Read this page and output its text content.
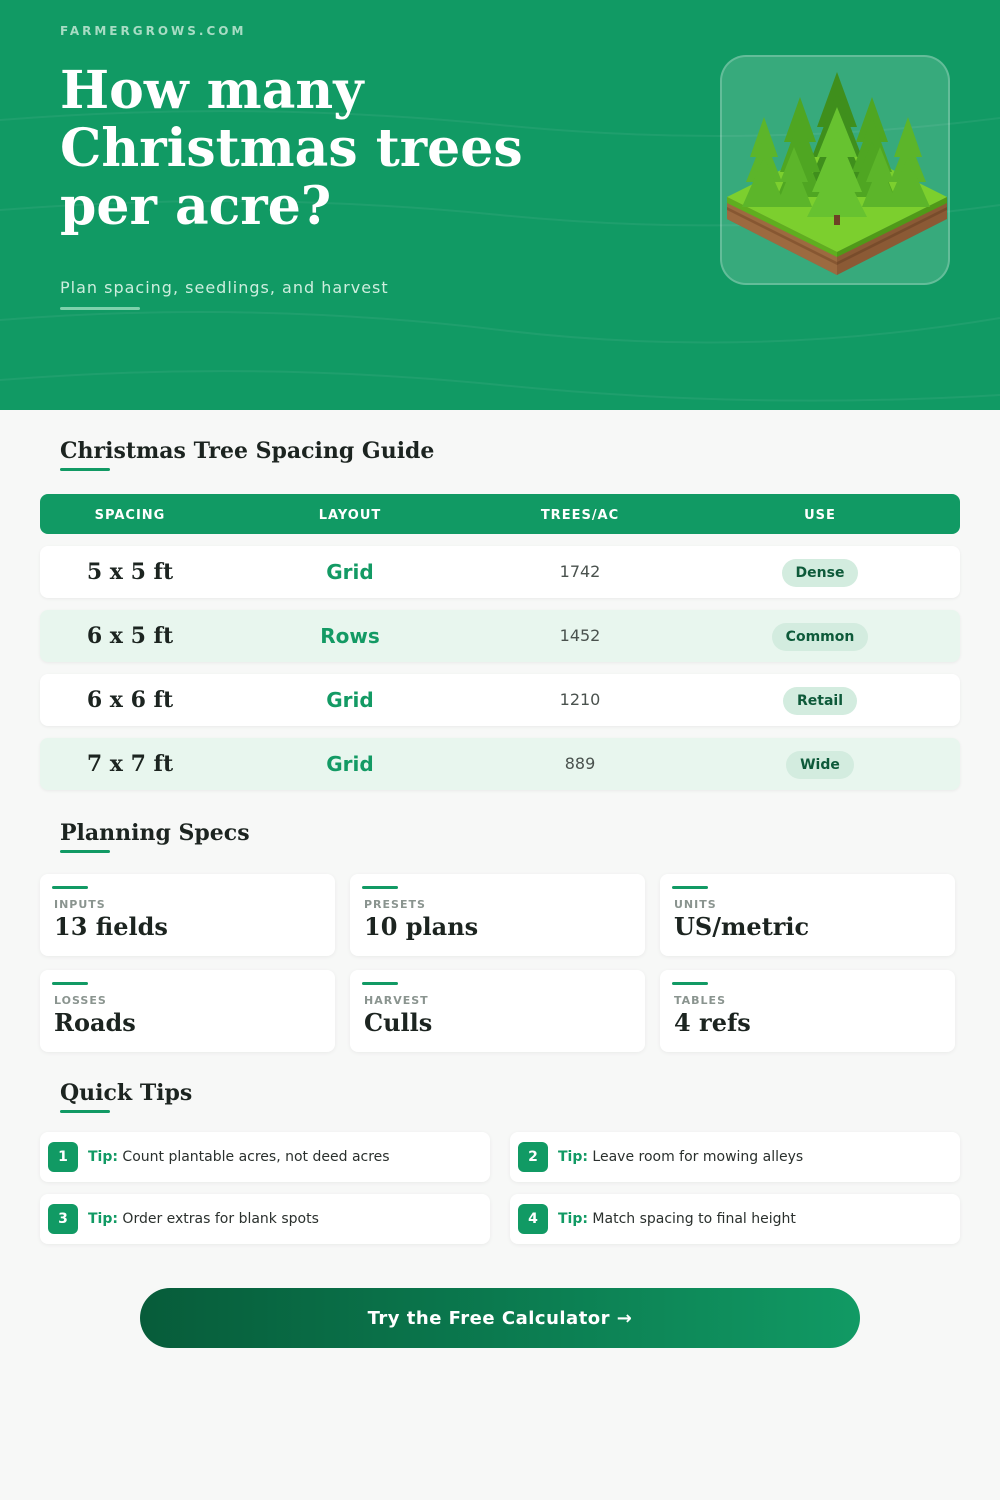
FARMERGROWS.COM
How many Christmas trees per acre?
Plan spacing, seedlings, and harvest
Christmas Tree Spacing Guide
SPACING	LAYOUT	TREES/AC	USE
5 x 5 ft	Grid	1742	Dense
6 x 5 ft	Rows	1452	Common
6 x 6 ft	Grid	1210	Retail
7 x 7 ft	Grid	889	Wide
Planning Specs
INPUTS
13 fields
PRESETS
10 plans
UNITS
US/metric
LOSSES
Roads
HARVEST
Culls
TABLES
4 refs
Quick Tips
1	Tip: Count plantable acres, not deed acres	2	Tip: Leave room for mowing alleys
3	Tip: Order extras for blank spots	4	Tip: Match spacing to final height
Try the Free Calculator →
